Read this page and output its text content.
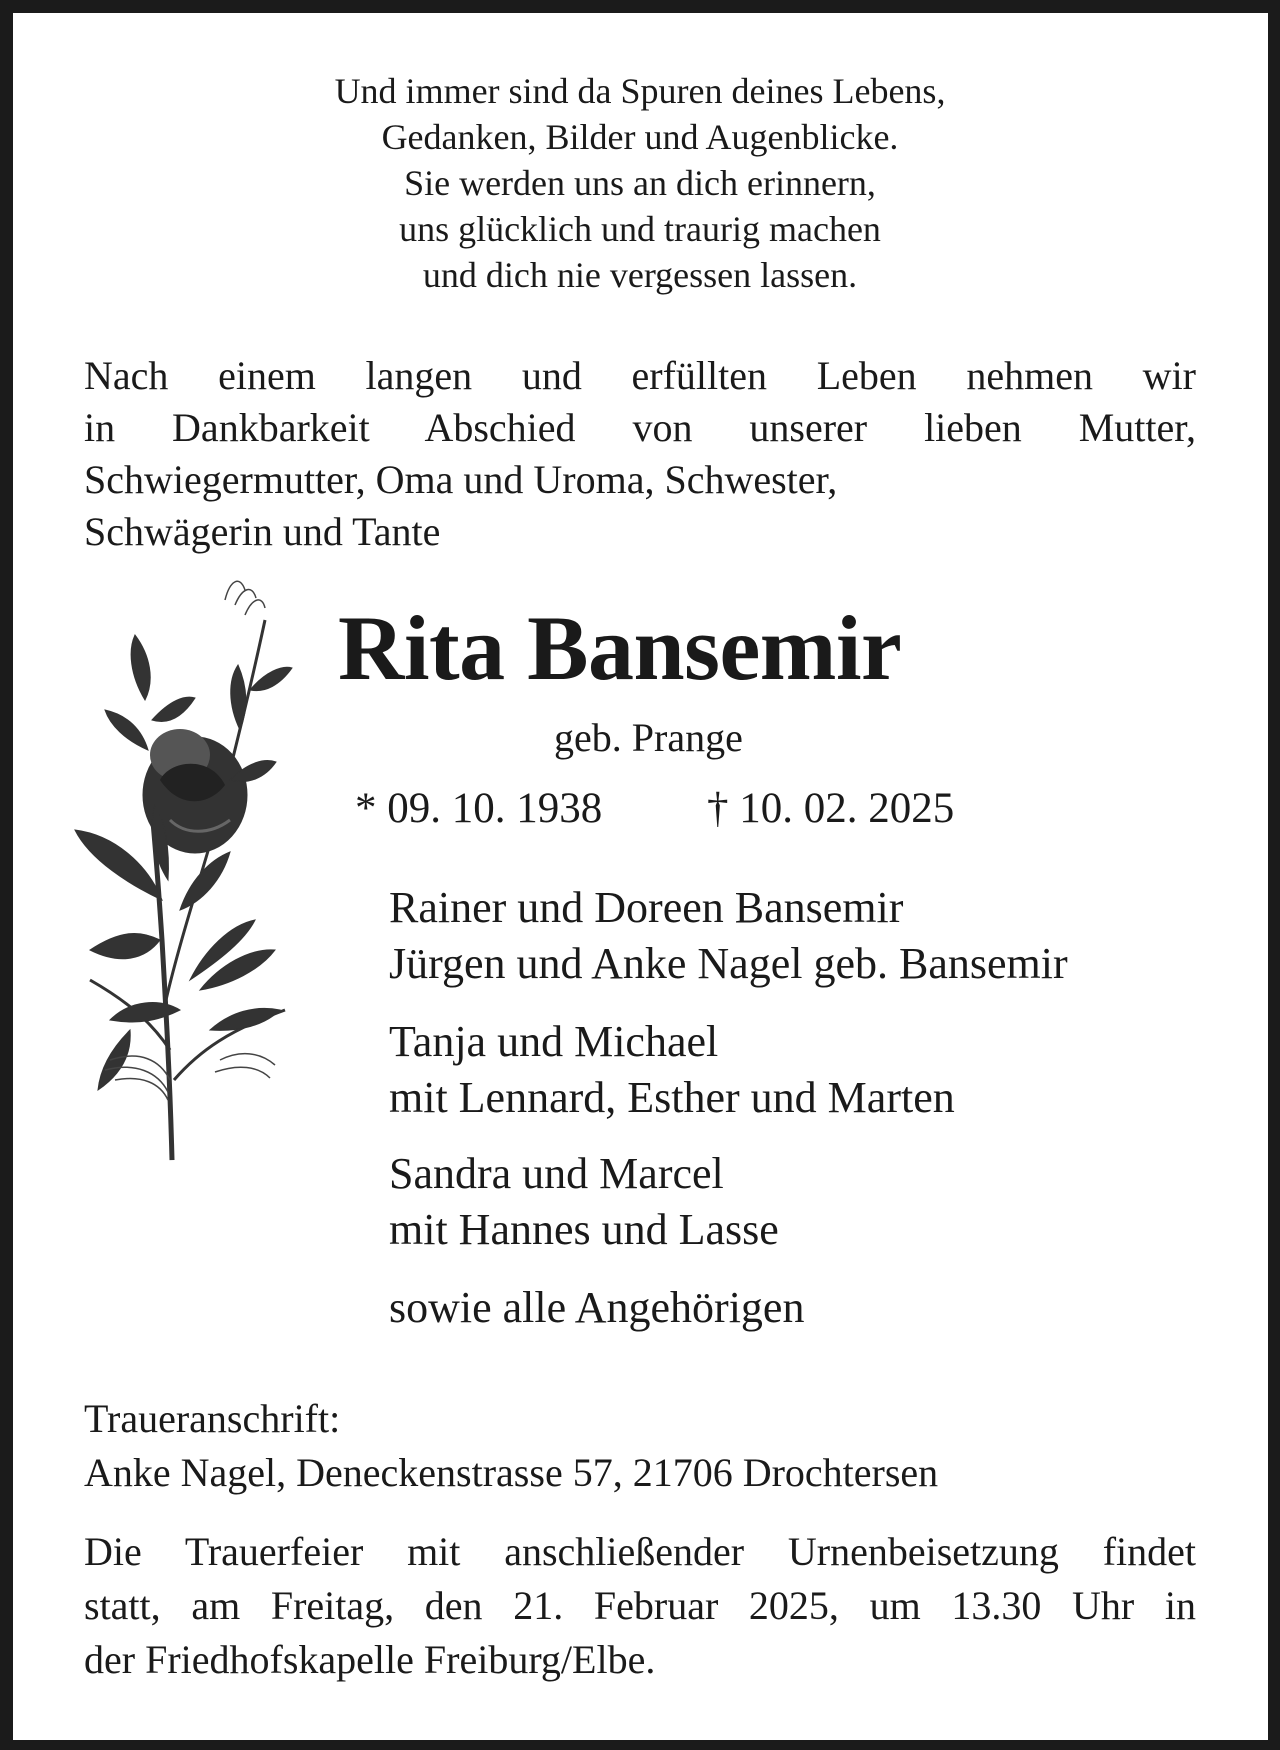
Und immer sind da Spuren deines Lebens,
Gedanken, Bilder und Augenblicke.
Sie werden uns an dich erinnern,
uns glücklich und traurig machen
und dich nie vergessen lassen.
Nach einem langen und erfüllten Leben nehmen wir
in Dankbarkeit Abschied von unserer lieben Mutter,
Schwiegermutter, Oma und Uroma, Schwester,
Schwägerin und Tante
Rita Bansemir
geb. Prange
* 09. 10. 1938 † 10. 02. 2025
Rainer und Doreen Bansemir
Jürgen und Anke Nagel geb. Bansemir
Tanja und Michael
mit Lennard, Esther und Marten
Sandra und Marcel
mit Hannes und Lasse
sowie alle Angehörigen
Traueranschrift:
Anke Nagel, Deneckenstrasse 57, 21706 Drochtersen
Die Trauerfeier mit anschließender Urnenbeisetzung findet
statt, am Freitag, den 21. Februar 2025, um 13.30 Uhr in
der Friedhofskapelle Freiburg/Elbe.
